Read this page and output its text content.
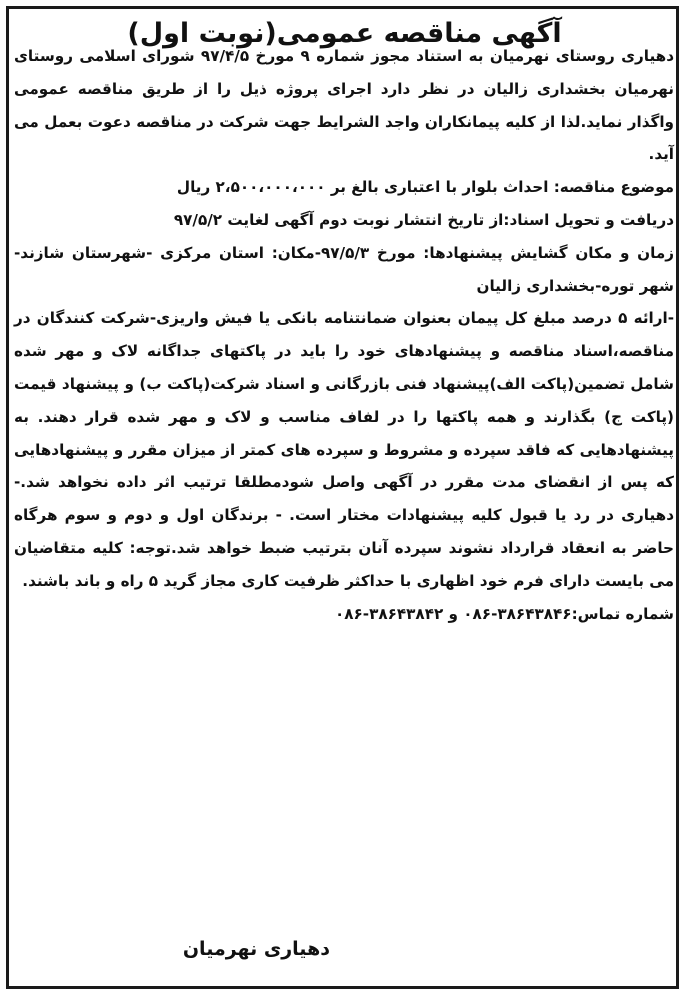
آگهی مناقصه عمومی(نوبت اول)

دهیاری روستای نهرمیان به استناد مجوز شماره ۹ مورخ ۹۷/۴/۵ شورای اسلامی روستای نهرمیان بخشداری زالیان در نظر دارد اجرای پروژه ذیل را از طریق مناقصه عمومی واگذار نماید.لذا از کلیه پیمانکاران واجد الشرایط جهت شرکت در مناقصه دعوت بعمل می آید.

موضوع مناقصه: احداث بلوار با اعتباری بالغ بر ۲،۵۰۰،۰۰۰،۰۰۰ ریال

دریافت و تحویل اسناد:از تاریخ انتشار نوبت دوم آگهی لغایت ۹۷/۵/۲

زمان و مکان گشایش پیشنهادها: مورخ ۹۷/۵/۳-مکان: استان مرکزی -شهرستان شازند- شهر توره-بخشداری زالیان

-ارائه ۵ درصد مبلغ کل پیمان بعنوان ضمانتنامه بانکی یا فیش واریزی-شرکت کنندگان در مناقصه،اسناد مناقصه و پیشنهادهای خود را باید در پاکتهای جداگانه لاک و مهر شده شامل تضمین(پاکت الف)پیشنهاد فنی بازرگانی و اسناد شرکت(پاکت ب) و پیشنهاد قیمت (پاکت ج) بگذارند و همه پاکتها را در لفاف مناسب و لاک و مهر شده قرار دهند. به پیشنهادهایی که فاقد سپرده و مشروط و سپرده های کمتر از میزان مقرر و پیشنهادهایی که پس از انقضای مدت مقرر در آگهی واصل شودمطلقا ترتیب اثر داده نخواهد شد.- دهیاری در رد یا قبول کلیه پیشنهادات مختار است. - برندگان اول و دوم و سوم هرگاه حاضر به انعقاد قرارداد نشوند سپرده آنان بترتیب ضبط خواهد شد.توجه: کلیه متقاضیان می بایست دارای فرم خود اظهاری با حداکثر ظرفیت کاری مجاز گرید ۵ راه و باند باشند.

شماره تماس:۳۸۶۴۳۸۴۶-۰۸۶ و ۳۸۶۴۳۸۴۲-۰۸۶

دهیاری نهرمیان
